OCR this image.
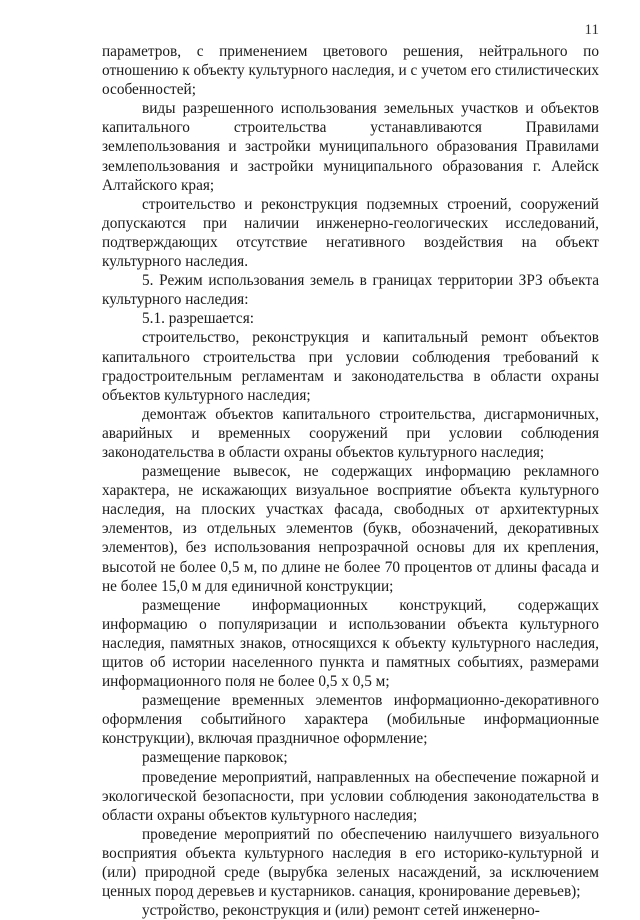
11

параметров, с применением цветового решения, нейтрального по отношению к объекту культурного наследия, и с учетом его стилистических особенностей;

виды разрешенного использования земельных участков и объектов капитального строительства устанавливаются Правилами землепользования и застройки муниципального образования Правилами землепользования и застройки муниципального образования г. Алейск Алтайского края;

строительство и реконструкция подземных строений, сооружений допускаются при наличии инженерно-геологических исследований, подтверждающих отсутствие негативного воздействия на объект культурного наследия.

5. Режим использования земель в границах территории ЗРЗ объекта культурного наследия:

5.1. разрешается:

строительство, реконструкция и капитальный ремонт объектов капитального строительства при условии соблюдения требований к градостроительным регламентам и законодательства в области охраны объектов культурного наследия;

демонтаж объектов капитального строительства, дисгармоничных, аварийных и временных сооружений при условии соблюдения законодательства в области охраны объектов культурного наследия;

размещение вывесок, не содержащих информацию рекламного характера, не искажающих визуальное восприятие объекта культурного наследия, на плоских участках фасада, свободных от архитектурных элементов, из отдельных элементов (букв, обозначений, декоративных элементов), без использования непрозрачной основы для их крепления, высотой не более 0,5 м, по длине не более 70 процентов от длины фасада и не более 15,0 м для единичной конструкции;

размещение информационных конструкций, содержащих информацию о популяризации и использовании объекта культурного наследия, памятных знаков, относящихся к объекту культурного наследия, щитов об истории населенного пункта и памятных событиях, размерами информационного поля не более 0,5 х 0,5 м;

размещение временных элементов информационно-декоративного оформления событийного характера (мобильные информационные конструкции), включая праздничное оформление;

размещение парковок;

проведение мероприятий, направленных на обеспечение пожарной и экологической безопасности, при условии соблюдения законодательства в области охраны объектов культурного наследия;

проведение мероприятий по обеспечению наилучшего визуального восприятия объекта культурного наследия в его историко-культурной и (или) природной среде (вырубка зеленых насаждений, за исключением ценных пород деревьев и кустарников. санация, кронирование деревьев);

устройство, реконструкция и (или) ремонт сетей инженерно-
